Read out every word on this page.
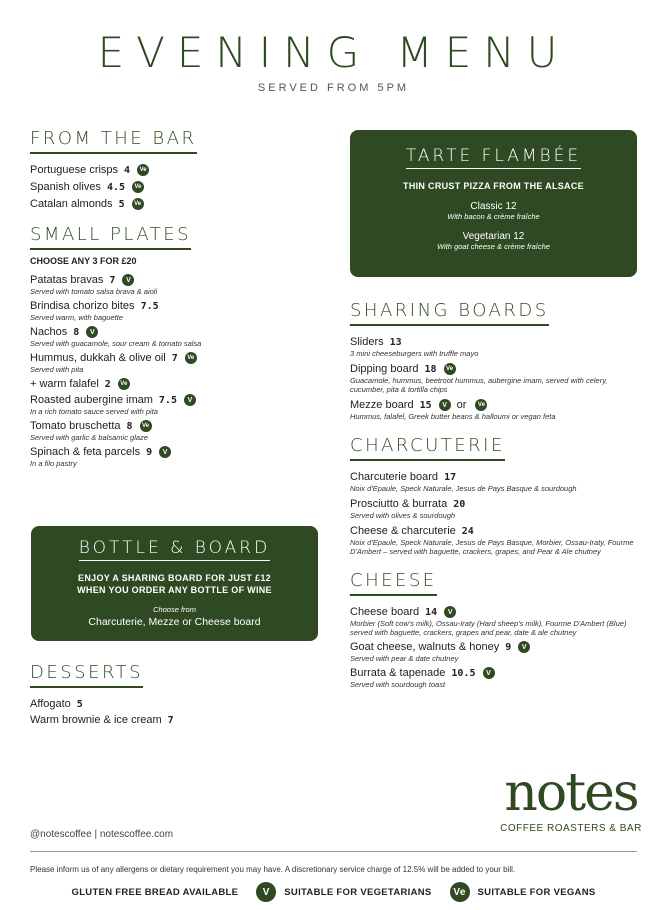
EVENING MENU
SERVED FROM 5PM
FROM THE BAR
Portuguese crisps 4	Ve
Spanish olives 4.5	Ve
Catalan almonds 5	Ve
SMALL PLATES
CHOOSE ANY 3 FOR £20
Patatas bravas 7	V
Served with tomato salsa brava & aioli
Brindisa chorizo bites 7.5
Served warm, with baguette
Nachos 8	V
Served with guacamole, sour cream & tomato salsa
Hummus, dukkah & olive oil 7	Ve
Served with pita
+ warm falafel 2	Ve
Roasted aubergine imam 7.5	V
In a rich tomato sauce served with pita
Tomato bruschetta 8	Ve
Served with garlic & balsamic glaze
Spinach & feta parcels 9	V
In a filo pastry
BOTTLE & BOARD
ENJOY A SHARING BOARD FOR JUST £12
WHEN YOU ORDER ANY BOTTLE OF WINE
Choose from
Charcuterie, Mezze or Cheese board
DESSERTS
Affogato 5
Warm brownie & ice cream 7
TARTE FLAMBÉE
THIN CRUST PIZZA FROM THE ALSACE
Classic 12
With bacon & crème fraîche
Vegetarian 12
With goat cheese & crème fraîche
SHARING BOARDS
Sliders 13
3 mini cheeseburgers with truffle mayo
Dipping board 18	Ve
Guacamole, hummus, beetroot hummus, aubergine imam, served with celery, cucumber, pita & tortilla chips
Mezze board 15	V or	Ve
Hummus, falafel, Greek butter beans & halloumi or vegan feta
CHARCUTERIE
Charcuterie board 17
Noix d'Epaule, Speck Naturale, Jesus de Pays Basque & sourdough
Prosciutto & burrata 20
Served with olives & sourdough
Cheese & charcuterie 24
Noix d'Epaule, Speck Naturale, Jesus de Pays Basque, Morbier, Ossau-Iraty, Fourme D'Ambert – served with baguette, crackers, grapes, and Pear & Ale chutney
CHEESE
Cheese board 14	V
Morbier (Soft cow's milk), Ossau-Iraty (Hard sheep's milk), Fourme D'Ambert (Blue) served with baguette, crackers, grapes and pear, date & ale chutney
Goat cheese, walnuts & honey 9	V
Served with pear & date chutney
Burrata & tapenade 10.5	V
Served with sourdough toast
notes
COFFEE ROASTERS & BAR
@notescoffee | notescoffee.com
Please inform us of any allergens or dietary requirement you may have. A discretionary service charge of 12.5% will be added to your bill.
GLUTEN FREE BREAD AVAILABLE	V	SUITABLE FOR VEGETARIANS	Ve	SUITABLE FOR VEGANS
